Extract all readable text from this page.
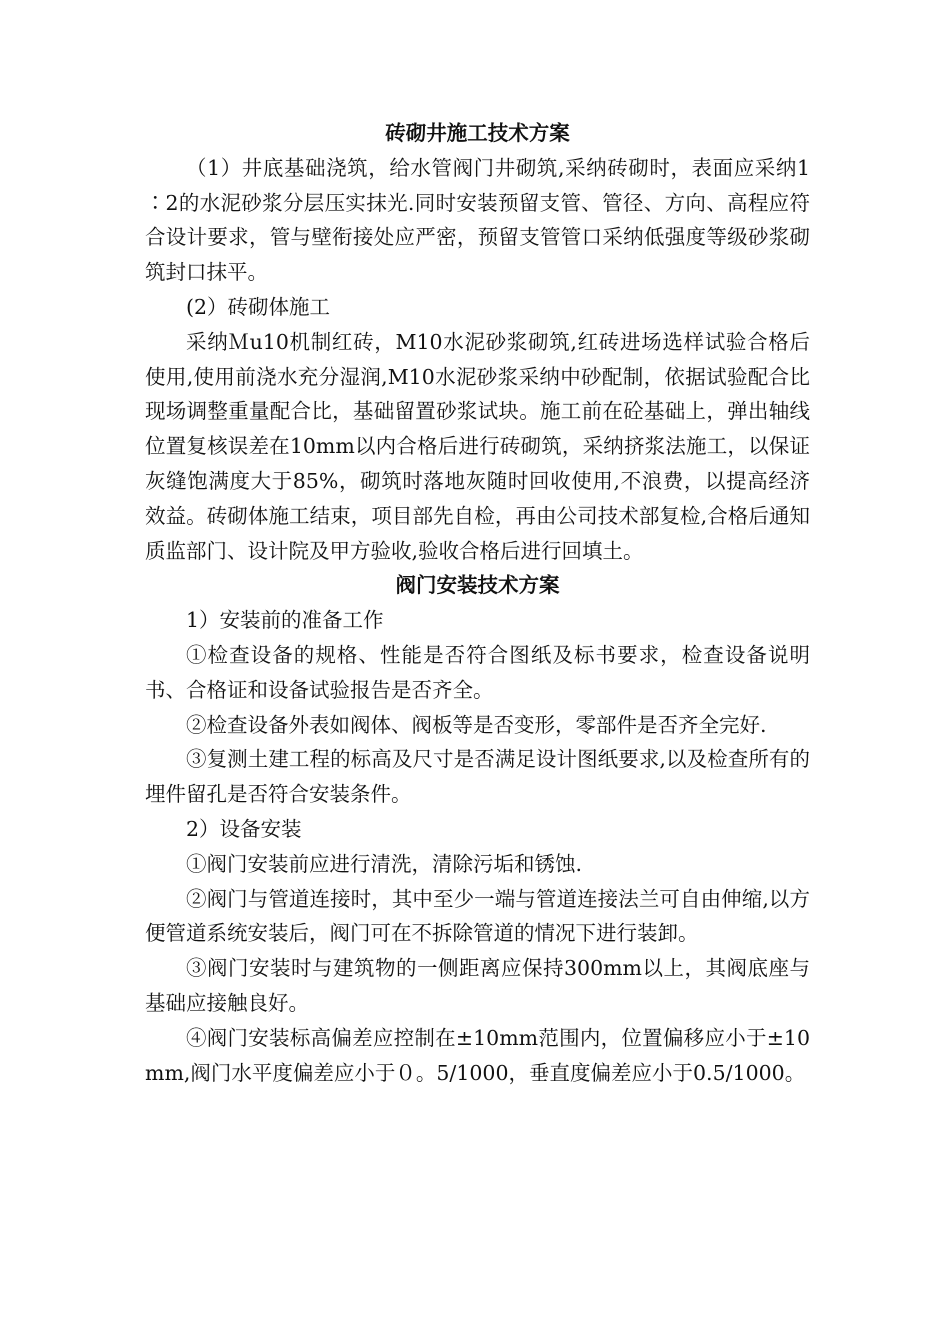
砖砌井施工技术方案

（1）井底基础浇筑，给水管阀门井砌筑,采纳砖砌时，表面应采纳1∶2的水泥砂浆分层压实抹光.同时安装预留支管、管径、方向、高程应符合设计要求，管与壁衔接处应严密，预留支管管口采纳低强度等级砂浆砌筑封口抹平。

(2）砖砌体施工

采纳Ｍu10机制红砖，M10水泥砂浆砌筑,红砖进场选样试验合格后使用,使用前浇水充分湿润,M10水泥砂浆采纳中砂配制，依据试验配合比现场调整重量配合比，基础留置砂浆试块。施工前在砼基础上，弹出轴线位置复核误差在10mm以内合格后进行砖砌筑，采纳挤浆法施工，以保证灰缝饱满度大于85%，砌筑时落地灰随时回收使用,不浪费，以提高经济效益。砖砌体施工结束，项目部先自检，再由公司技术部复检,合格后通知质监部门、设计院及甲方验收,验收合格后进行回填土。

阀门安装技术方案

1）安装前的准备工作

①检查设备的规格、性能是否符合图纸及标书要求，检查设备说明书、合格证和设备试验报告是否齐全。

②检查设备外表如阀体、阀板等是否变形，零部件是否齐全完好.

③复测土建工程的标高及尺寸是否满足设计图纸要求,以及检查所有的埋件留孔是否符合安装条件。

2）设备安装

①阀门安装前应进行清洗，清除污垢和锈蚀.

②阀门与管道连接时，其中至少一端与管道连接法兰可自由伸缩,以方便管道系统安装后，阀门可在不拆除管道的情况下进行装卸。

③阀门安装时与建筑物的一侧距离应保持300mm以上，其阀底座与基础应接触良好。

④阀门安装标高偏差应控制在±10mm范围内，位置偏移应小于±10mm,阀门水平度偏差应小于０。5/1000，垂直度偏差应小于0.5/1000。
